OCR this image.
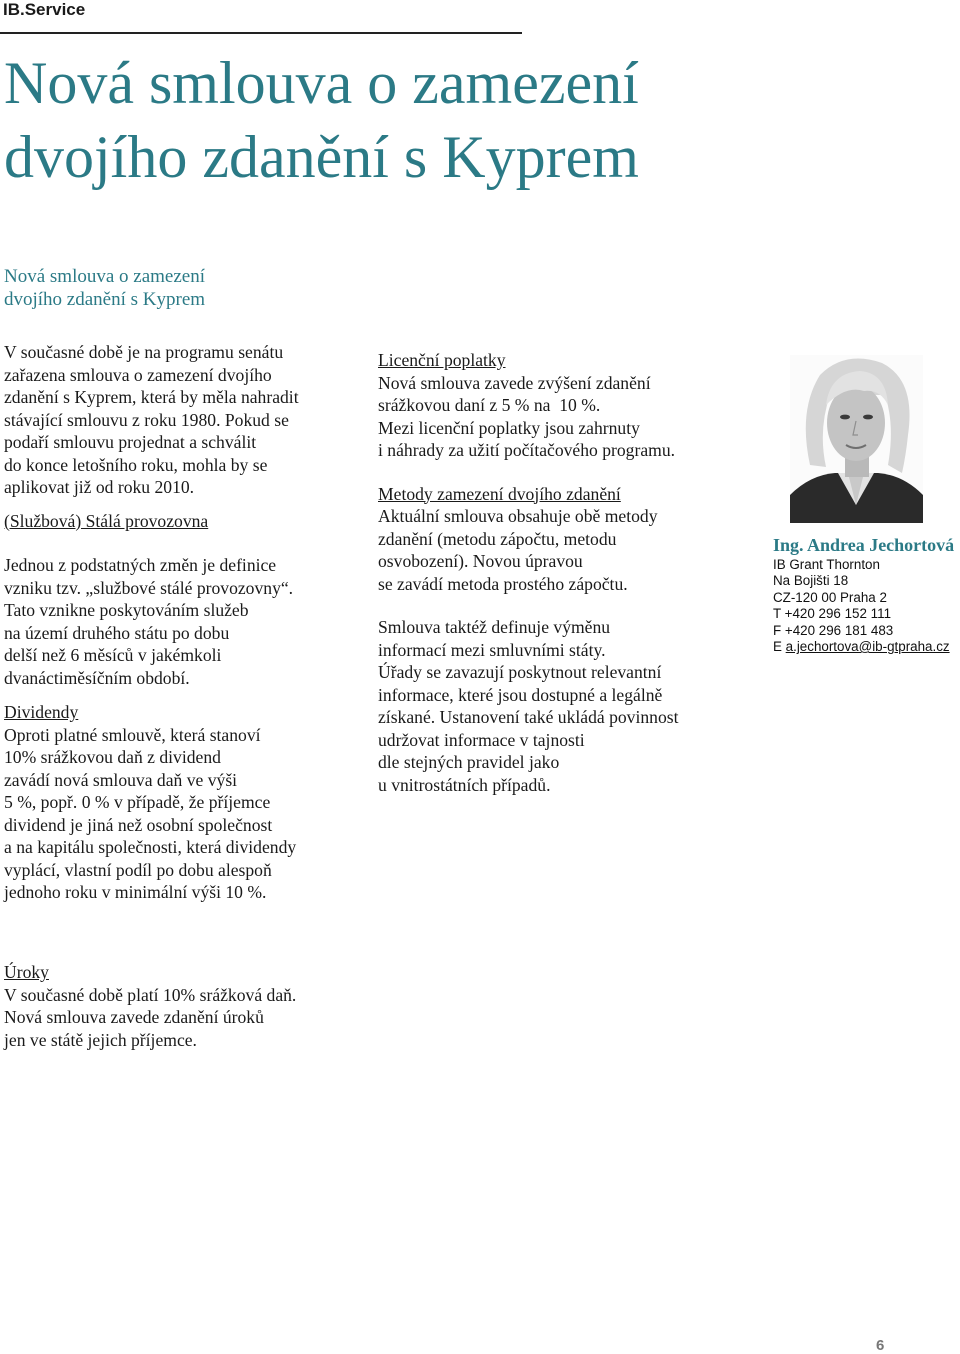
IB.Service
Nová smlouva o zamezení
dvojího zdanění s Kyprem
Nová smlouva o zamezení
dvojího zdanění s Kyprem

V současné době je na programu senátu
zařazena smlouva o zamezení dvojího
zdanění s Kyprem, která by měla nahradit
stávající smlouvu z roku 1980. Pokud se
podaří smlouvu projednat a schválit
do konce letošního roku, mohla by se
aplikovat již od roku 2010.

(Službová) Stálá provozovna

Jednou z podstatných změn je definice
vzniku tzv. „službové stálé provozovny“.
Tato vznikne poskytováním služeb
na území druhého státu po dobu
delší než 6 měsíců v jakémkoli
dvanáctiměsíčním období.

Dividendy

Oproti platné smlouvě, která stanoví
10% srážkovou daň z dividend
zavádí nová smlouva daň ve výši
5 %, popř. 0 % v případě, že příjemce
dividend je jiná než osobní společnost
a na kapitálu společnosti, která dividendy
vyplácí, vlastní podíl po dobu alespoň
jednoho roku v minimální výši 10 %.

Úroky

V současné době platí 10% srážková daň.
Nová smlouva zavede zdanění úroků
jen ve státě jejich příjemce.

Licenční poplatky

Nová smlouva zavede zvýšení zdanění
srážkovou daní z 5 % na  10 %.
Mezi licenční poplatky jsou zahrnuty
i náhrady za užití počítačového programu.

Metody zamezení dvojího zdanění

Aktuální smlouva obsahuje obě metody
zdanění (metodu zápočtu, metodu
osvobození). Novou úpravou
se zavádí metoda prostého zápočtu.

Smlouva taktéž definuje výměnu
informací mezi smluvními státy.
Úřady se zavazují poskytnout relevantní
informace, které jsou dostupné a legálně
získané. Ustanovení také ukládá povinnost
udržovat informace v tajnosti
dle stejných pravidel jako
u vnitrostátních případů.

Ing. Andrea Jechortová
IB Grant Thornton
Na Bojišti 18
CZ-120 00 Praha 2
T +420 296 152 111
F +420 296 181 483
E a.jechortova@ib-gtpraha.cz
6
